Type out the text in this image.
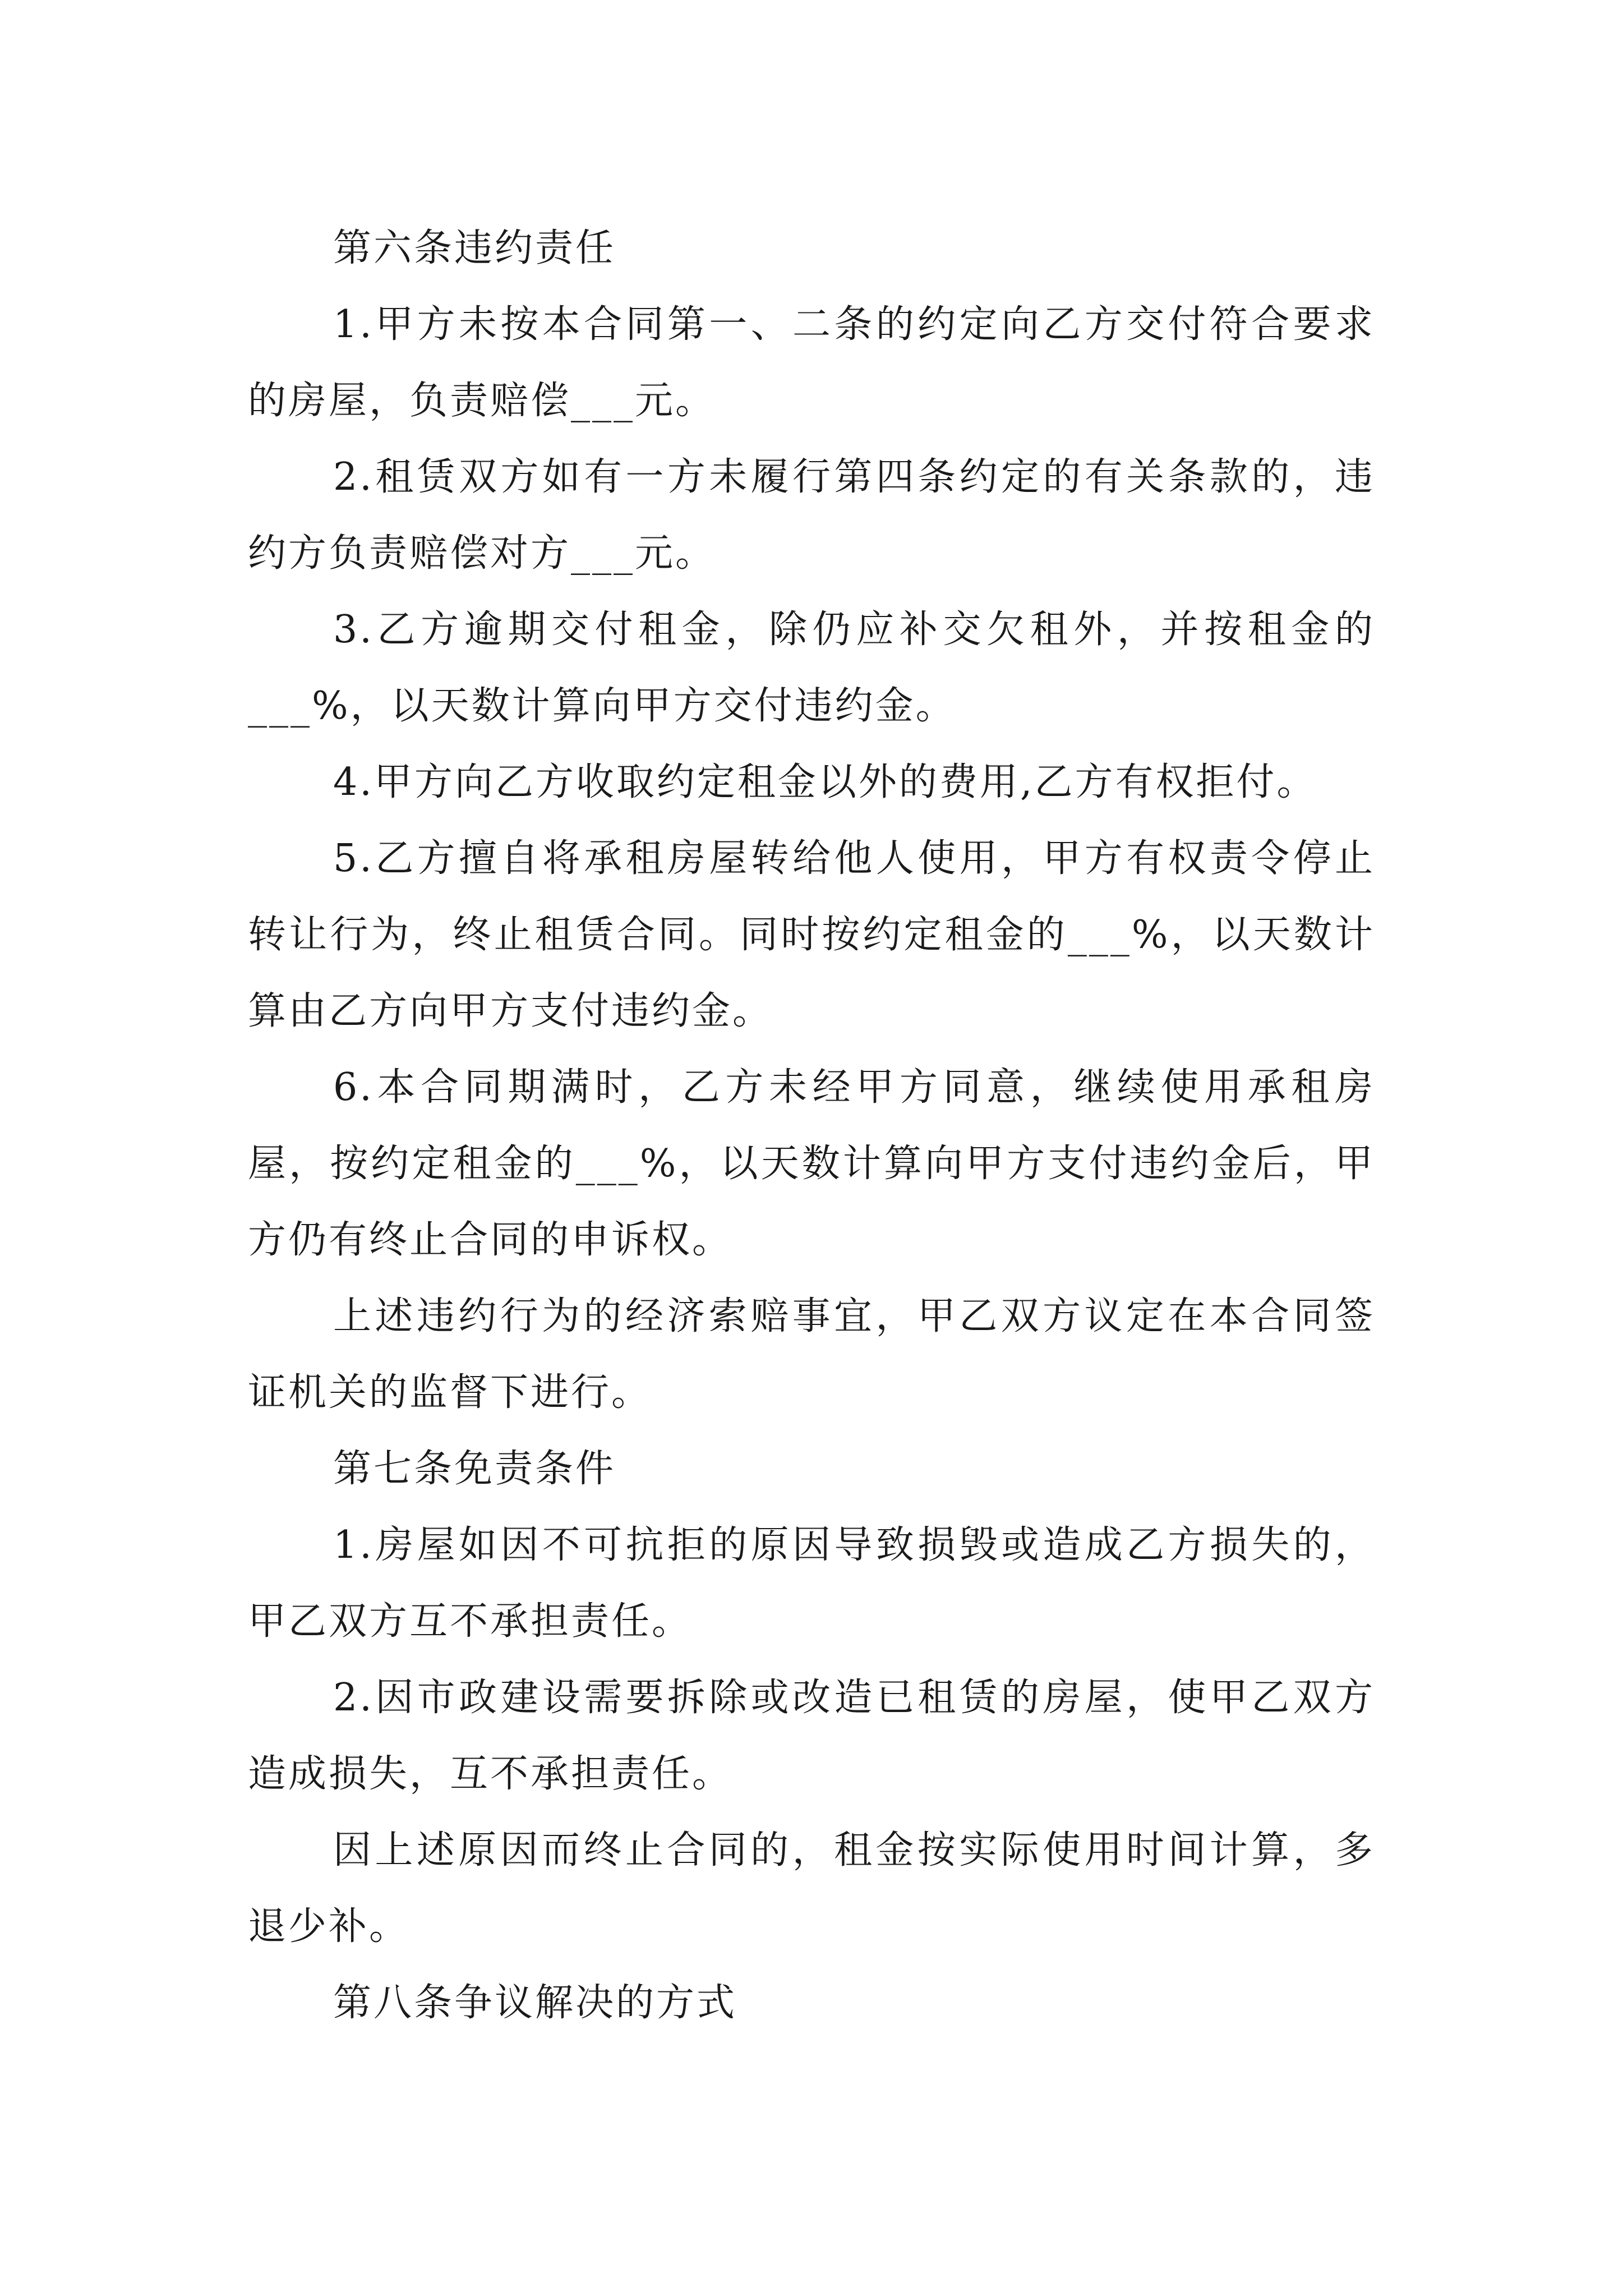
第六条违约责任

1.甲方未按本合同第一、二条的约定向乙方交付符合要求的房屋，负责赔偿___元。

2.租赁双方如有一方未履行第四条约定的有关条款的，违约方负责赔偿对方___元。

3.乙方逾期交付租金，除仍应补交欠租外，并按租金的___%，以天数计算向甲方交付违约金。

4.甲方向乙方收取约定租金以外的费用,乙方有权拒付。

5.乙方擅自将承租房屋转给他人使用，甲方有权责令停止转让行为，终止租赁合同。同时按约定租金的___%，以天数计算由乙方向甲方支付违约金。

6.本合同期满时，乙方未经甲方同意，继续使用承租房屋，按约定租金的___%，以天数计算向甲方支付违约金后，甲方仍有终止合同的申诉权。

上述违约行为的经济索赔事宜，甲乙双方议定在本合同签证机关的监督下进行。

第七条免责条件

1.房屋如因不可抗拒的原因导致损毁或造成乙方损失的，甲乙双方互不承担责任。

2.因市政建设需要拆除或改造已租赁的房屋，使甲乙双方造成损失，互不承担责任。

因上述原因而终止合同的，租金按实际使用时间计算，多退少补。

第八条争议解决的方式
